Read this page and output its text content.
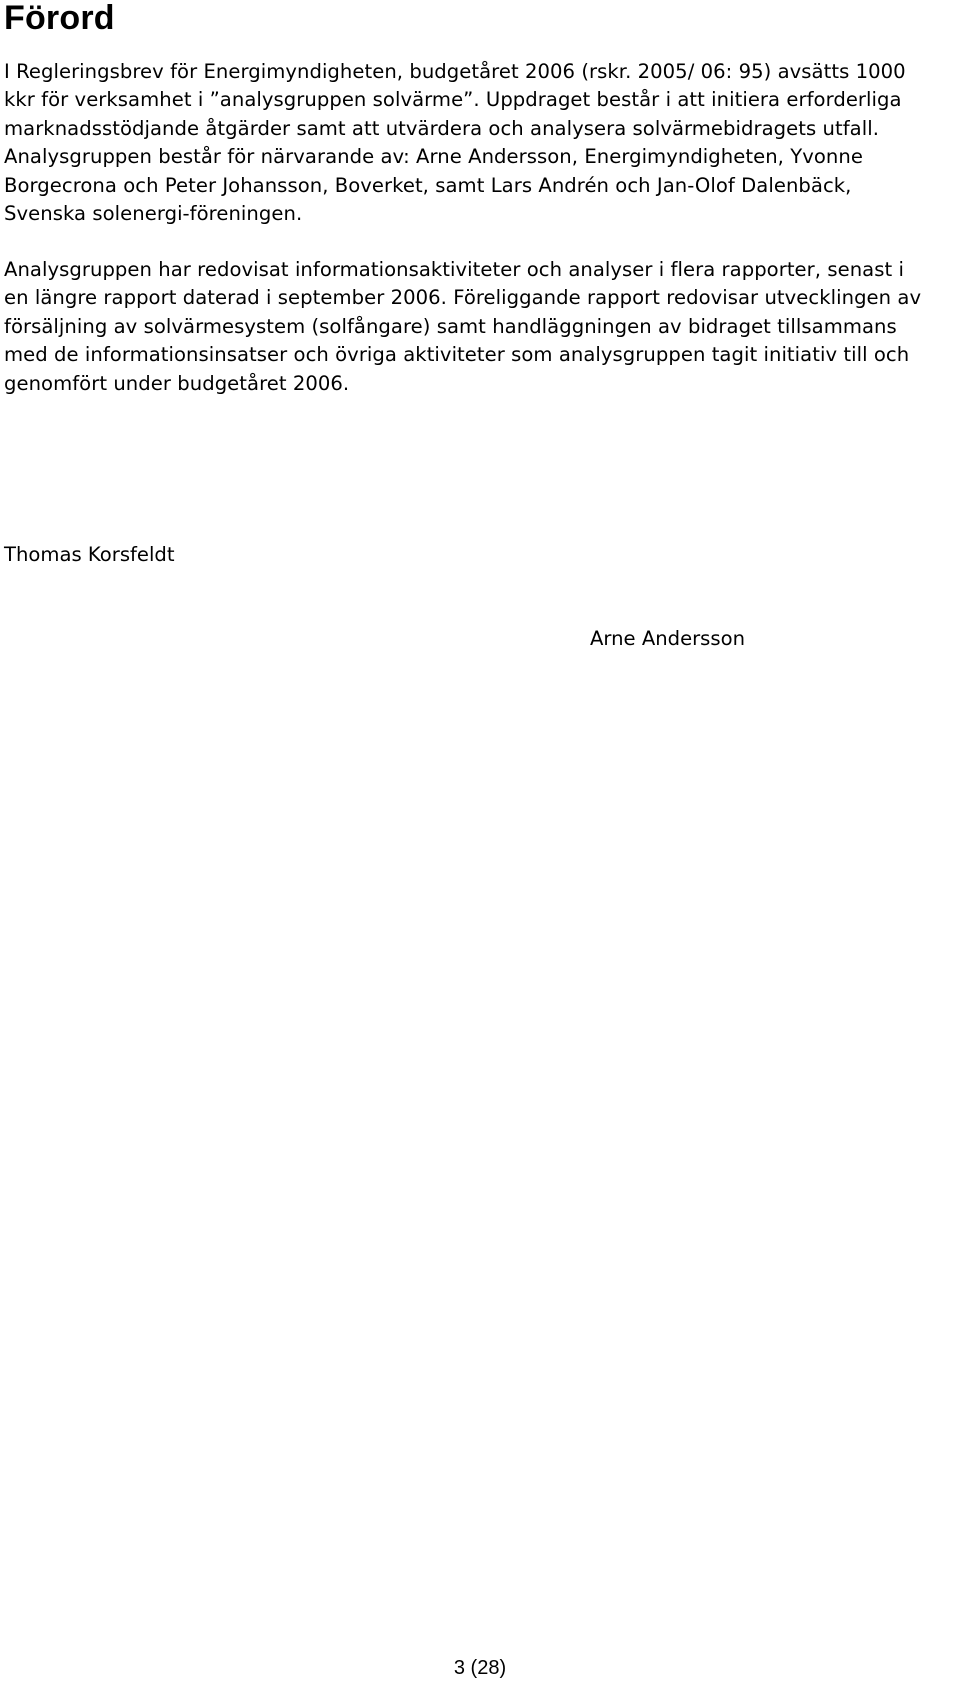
Förord

I Regleringsbrev för Energimyndigheten, budgetåret 2006 (rskr. 2005/ 06: 95) avsätts 1000
kkr för verksamhet i ”analysgruppen solvärme”. Uppdraget består i att initiera erforderliga
marknadsstödjande åtgärder samt att utvärdera och analysera solvärmebidragets utfall.
Analysgruppen består för närvarande av: Arne Andersson, Energimyndigheten, Yvonne
Borgecrona och Peter Johansson, Boverket, samt Lars Andrén och Jan-Olof Dalenbäck,
Svenska solenergi-föreningen.

Analysgruppen har redovisat informationsaktiviteter och analyser i flera rapporter, senast i
en längre rapport daterad i september 2006. Föreliggande rapport redovisar utvecklingen av
försäljning av solvärmesystem (solfångare) samt handläggningen av bidraget tillsammans
med de informationsinsatser och övriga aktiviteter som analysgruppen tagit initiativ till och
genomfört under budgetåret 2006.

Thomas Korsfeldt

Arne Andersson

3 (28)
